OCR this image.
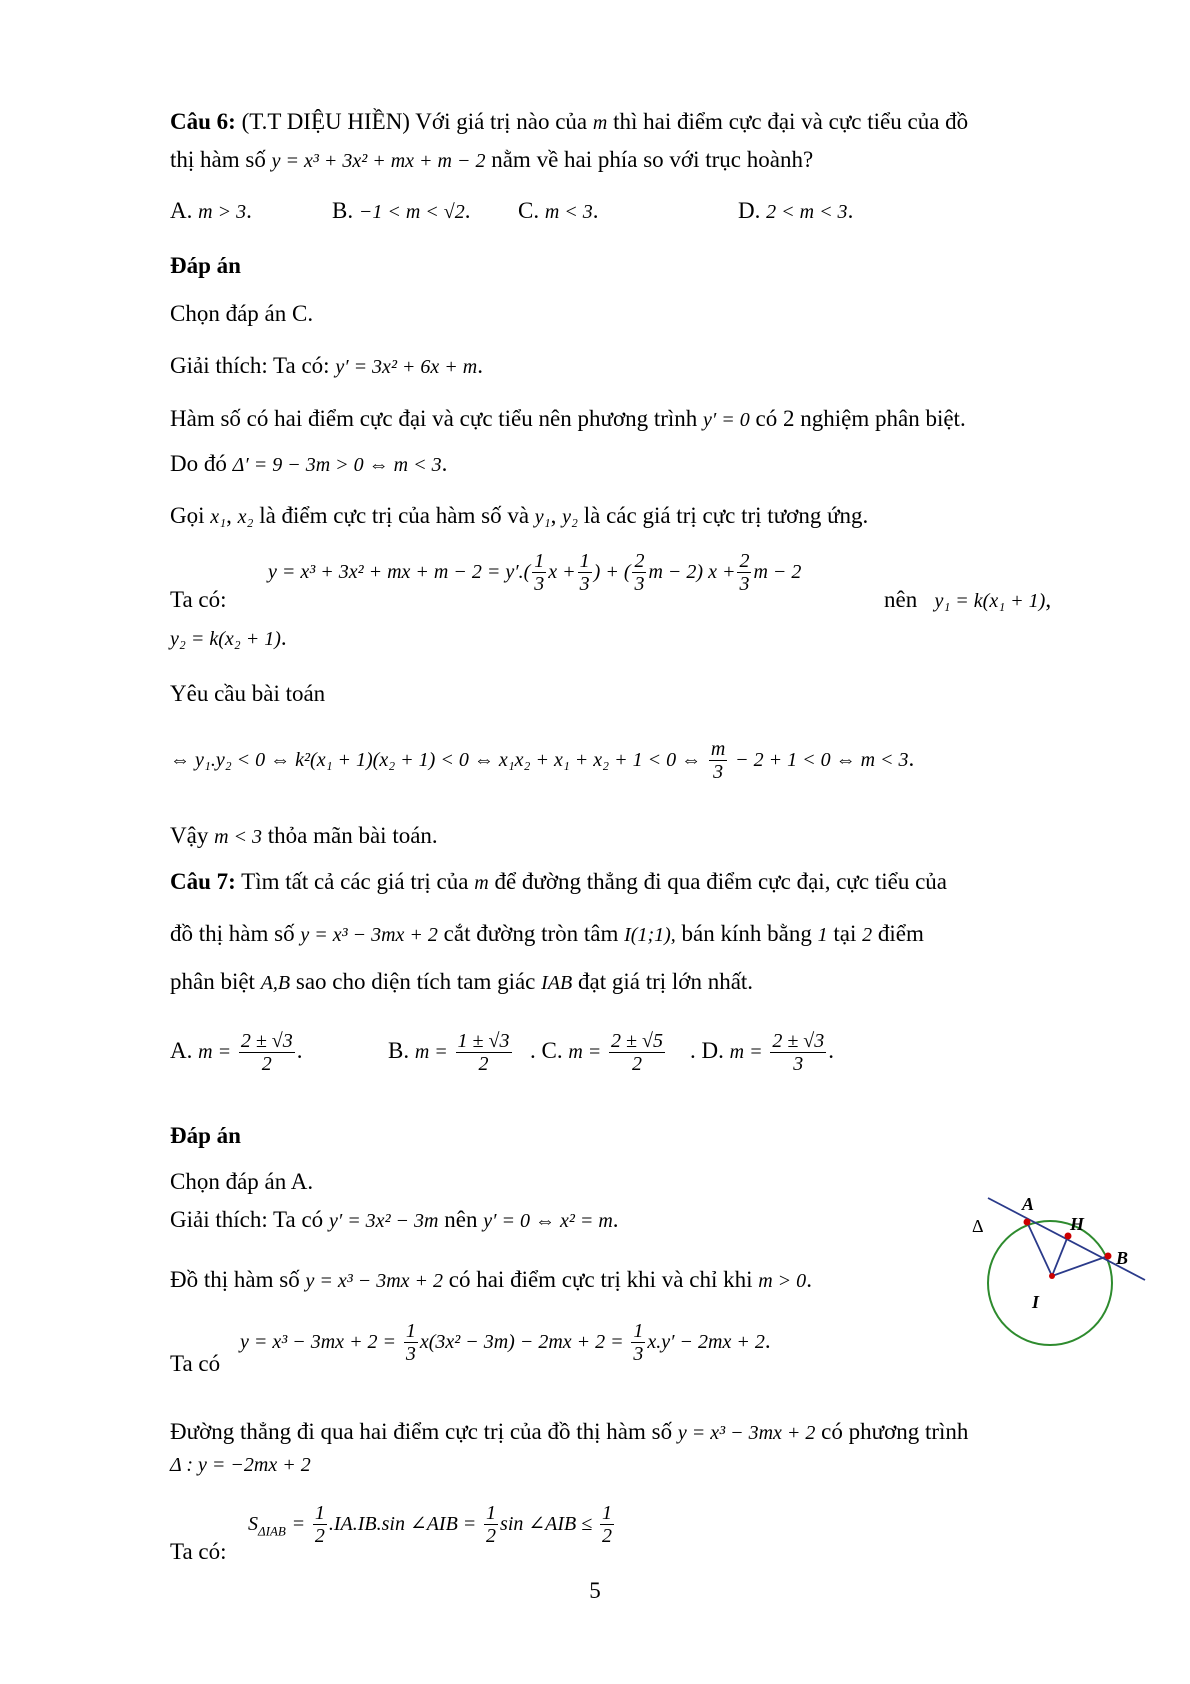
Câu 6: (T.T DIỆU HIỀN) Với giá trị nào của m thì hai điểm cực đại và cực tiểu của đồ
thị hàm số y = x³ + 3x² + mx + m − 2 nằm về hai phía so với trục hoành?
A. m > 3.	B. −1 < m < √2. C. m < 3.	D. 2 < m < 3.
Đáp án
Chọn đáp án C.
Giải thích: Ta có: y′ = 3x² + 6x + m.
Hàm số có hai điểm cực đại và cực tiểu nên phương trình y′ = 0 có 2 nghiệm phân biệt.
Do đó Δ′ = 9 − 3m > 0 ⇔ m < 3.
Gọi x₁, x₂ là điểm cực trị của hàm số và y₁, y₂ là các giá trị cực trị tương ứng.
Ta có:
y = x³ + 3x² + mx + $m - 2 = y'.( \frac{1}{3}$ $x + \frac{1}{3}$ ) + ( $\frac{2}{3}$ m − 2) $x + \frac{2}{3}$ m − 2
nên y₁ = k(x₁ + 1),
y₂ = k(x₂ + 1).
Yêu cầu bài toán
⇔ y₁.y₂ < 0 ⇔ k²(x₁ + 1)(x₂ + 1) < 0 ⇔ x₁x₂ + x₁ + x₂ + 1 < 0 ⇔ $\frac{m}{3} - 2 + 1 < 0$ ⇔ m < 3.
Vậy m < 3 thỏa mãn bài toán.
Câu 7: Tìm tất cả các giá trị của m để đường thẳng đi qua điểm cực đại, cực tiểu của
đồ thị hàm số y = x³ − 3mx + 2 cắt đường tròn tâm I(1;1), bán kính bằng 1 tại 2 điểm
phân biệt A,B sao cho diện tích tam giác IAB đạt giá trị lớn nhất.
A. $m = \frac{2 \pm √3}{2}$ .	B. $m = \frac{1 \pm √3}{2}$ . C. $m = \frac{2 \pm √5}{2}$ . D. $m = \frac{2 \pm √3}{3}$ .
Đáp án
Chọn đáp án A.
Giải thích: Ta có y′ = 3x² − 3m nên y′ = 0 ⇔ x² = m.
Đồ thị hàm số y = x³ − 3mx + 2 có hai điểm cực trị khi và chỉ khi m > 0.
Ta có
$y = x^3 - 3mx + 2 = \frac{1}{3} x(3x^2 - 3m) - 2mx + 2 = \frac{1}{3} x.y' - 2mx + 2$.
Đường thẳng đi qua hai điểm cực trị của đồ thị hàm số y = x³ − 3mx + 2 có phương trình
Δ : y = −2mx + 2
Ta có:
$S_{\Delta IAB} = \frac{1}{2} .IA.IB.\sin$ ∠AIB = $\frac{1}{2}$ sin ∠AIB ≤ $\frac{1}{2}$
Δ
A
H
B
I
5
